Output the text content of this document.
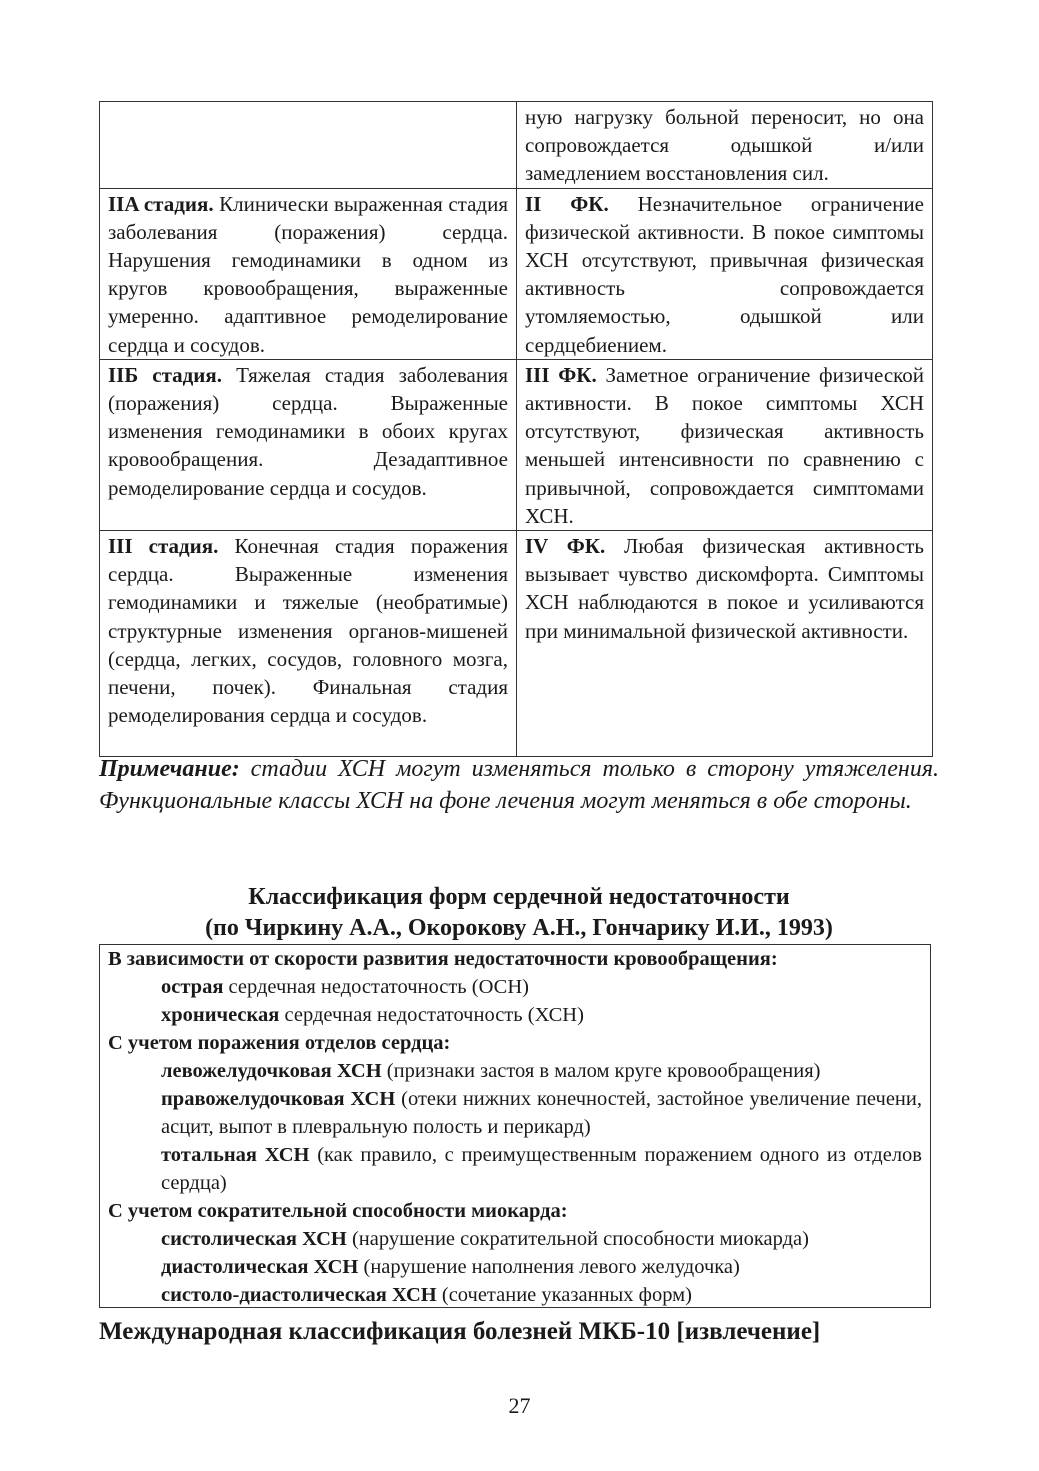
	ную нагрузку больной переносит, но она сопровождается одышкой и/или замедлением восстановления сил.
IIA стадия. Клинически выраженная стадия заболевания (поражения) сердца. Нарушения гемодинамики в одном из кругов кровообращения, выраженные умеренно. адаптивное ремоделирование сердца и сосудов.	II ФК. Незначительное ограничение физической активности. В покое симптомы ХСН отсутствуют, привычная физическая активность сопровождается утомляемостью, одышкой или сердцебиением.
IIБ стадия. Тяжелая стадия заболевания (поражения) сердца. Выраженные изменения гемодинамики в обоих кругах кровообращения. Дезадаптивное ремоделирование сердца и сосудов.	III ФК. Заметное ограничение физической активности. В покое симптомы ХСН отсутствуют, физическая активность меньшей интенсивности по сравнению с привычной, сопровождается симптомами ХСН.
III стадия. Конечная стадия поражения сердца. Выраженные изменения гемодинамики и тяжелые (необратимые) структурные изменения органов-мишеней (сердца, легких, сосудов, головного мозга, печени, почек). Финальная стадия ремоделирования сердца и сосудов.	IV ФК. Любая физическая активность вызывает чувство дискомфорта. Симптомы ХСН наблюдаются в покое и усиливаются при минимальной физической активности.
Примечание: стадии ХСН могут изменяться только в сторону утяжеления. Функциональные классы ХСН на фоне лечения могут меняться в обе стороны.
Классификация форм сердечной недостаточности
(по Чиркину А.А., Окорокову А.Н., Гончарику И.И., 1993)
В зависимости от скорости развития недостаточности кровообращения:
острая сердечная недостаточность (ОСН)
хроническая сердечная недостаточность (ХСН)
С учетом поражения отделов сердца:
левожелудочковая ХСН (признаки застоя в малом круге кровообращения)
правожелудочковая ХСН (отеки нижних конечностей, застойное увеличение печени, асцит, выпот в плевральную полость и перикард)
тотальная ХСН (как правило, с преимущественным поражением одного из отделов сердца)
С учетом сократительной способности миокарда:
систолическая ХСН (нарушение сократительной способности миокарда)
диастолическая ХСН (нарушение наполнения левого желудочка)
систоло-диастолическая ХСН (сочетание указанных форм)
Международная классификация болезней МКБ-10 [извлечение]
27
